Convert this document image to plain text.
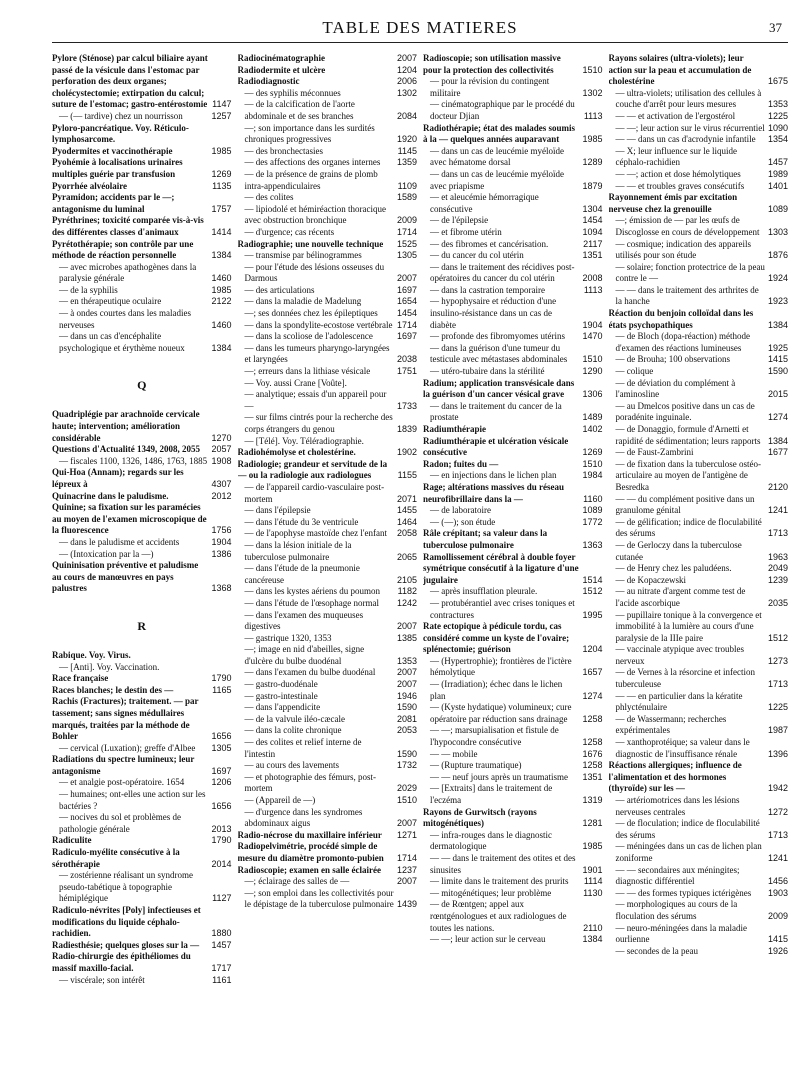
TABLE DES MATIERES	37
Pylore (Sténose) par calcul biliaire ayant passé de la vésicule dans l'estomac par perforation des deux organes; cholécystectomie; extirpation du calcul; suture de l'estomac; gastro-entérostomie 1147
— (— tardive) chez un nourrisson	1257
Pyloro-pancréatique. Voy. Réticulo-lymphosarcome.
Pyodermites et vaccinothérapie	1985
Pyohémie à localisations urinaires multiples guérie par transfusion	1269
Pyorrhée alvéolaire	1135
Pyramidon; accidents par le —; antagonisme du luminal	1757
Pyréthrines; toxicité comparée vis-à-vis des différentes classes d'animaux	1414
Pyrétothérapie; son contrôle par une méthode de réaction personnelle	1384
— avec microbes apathogènes dans la paralysie générale	1460
— de la syphilis	1985
— en thérapeutique oculaire	2122
— à ondes courtes dans les maladies nerveuses	1460
— dans un cas d'encéphalite psychologique et érythème noueux	1384
Q
Quadriplégie par arachnoïde cervicale haute; intervention; amélioration considérable	1270
Questions d'Actualité 1349, 2008, 2055	2057
— fiscales 1100, 1326, 1486, 1763, 1885 1908
Qui-Hoa (Annam); regards sur les lépreux à	4307
Quinacrine dans le paludisme.	2012
Quinine; sa fixation sur les paramécies au moyen de l'examen microscopique de la fluorescence	1756
— dans le paludisme et accidents	1904
— (Intoxication par la —)	1386
Quininisation préventive et paludisme au cours de manœuvres en pays palustres	1368
R
Rabique. Voy. Virus.
— [Anti]. Voy. Vaccination.
Race française	1790
Races blanches; le destin des —	1165
Rachis (Fractures); traitement. — par tassement; sans signes médullaires marqués, traitées par la méthode de Bohler	1656
— cervical (Luxation); greffe d'Albee	1305
Radiations du spectre lumineux; leur antagonisme	1697
— et analgie post-opératoire. 1654	1206
— humaines; ont-elles une action sur les bactéries ?	1656
— nocives du sol et problèmes de pathologie générale	2013
Radiculite	1790
Radiculo-myélite consécutive à la sérothérapie	2014
— zostérienne réalisant un syndrome pseudo-tabétique à topographie hémiplégique	1127
Radiculo-névrites [Poly] infectieuses et modifications du liquide céphalo-rachidien.	1880
Radiesthésie; quelques gloses sur la —	1457
Radio-chirurgie des épithéliomes du massif maxillo-facial.	1717
— viscérale; son intérêt	1161
Radiocinématographie	2007
Radiodermite et ulcère	1204
Radiodiagnostic	2006
— des syphilis méconnues	1302
— de la calcification de l'aorte abdominale et de ses branches	2084
—; son importance dans les surdités chroniques progressives	1920
— des bronchectasies	1145
— des affections des organes internes	1359
— de la présence de grains de plomb intra-appendiculaires	1109
— des colites	1589
— lipiodolé et hémiréaction thoracique avec obstruction bronchique	2009
— d'urgence; cas récents	1714
Radiographie; une nouvelle technique	1525
— transmise par bélinogrammes	1305
— pour l'étude des lésions osseuses du Darmous	2007
— des articulations	1697
— dans la maladie de Madelung	1654
—; ses données chez les épileptiques	1454
— dans la spondylite-ecostose vertébrale 1714
— dans la scoliose de l'adolescence	1697
— dans les tumeurs pharyngo-laryngées et laryngées	2038
—; erreurs dans la lithiase vésicale	1751
— Voy. aussi Crane [Voûte].
— analytique; essais d'un appareil pour —	1733
— sur films cintrés pour la recherche des corps étrangers du genou	1839
— [Télé]. Voy. Téléradiographie.
Radiohémolyse et cholestérine.	1902
Radiologie; grandeur et servitude de la — ou la radiologie aux radiologues	1155
— de l'appareil cardio-vasculaire post-mortem	2071
— dans l'épilepsie	1455
— dans l'étude du 3e ventricule	1464
— de l'apophyse mastoïde chez l'enfant	2058
— dans la lésion initiale de la tuberculose pulmonaire	2065
— dans l'étude de la pneumonie cancéreuse	2105
— dans les kystes aériens du poumon	1182
— dans l'étude de l'œsophage normal	1242
— dans l'examen des muqueuses digestives	2007
— gastrique 1320, 1353	1385
—; image en nid d'abeilles, signe d'ulcère du bulbe duodénal	1353
— dans l'examen du bulbe duodénal	2007
— gastro-duodénale	2007
— gastro-intestinale	1946
— dans l'appendicite	1590
— de la valvule iléo-cæcale	2081
— dans la colite chronique	2053
— des colites et relief interne de l'intestin	1590
— au cours des lavements	1732
— et photographie des fémurs, post-mortem	2029
— (Appareil de —)	1510
— d'urgence dans les syndromes abdominaux aigus	2007
Radio-nécrose du maxillaire inférieur	1271
Radiopelvimétrie, procédé simple de mesure du diamètre promonto-pubien	1714
Radioscopie; examen en salle éclairée	1237
—; éclairage des salles de —	2007
—; son emploi dans les collectivités pour le dépistage de la tuberculose pulmonaire 1439
Radioscopie; son utilisation massive pour la protection des collectivités	1510
— pour la révision du contingent militaire	1302
— cinématographique par le procédé du docteur Djian	1113
Radiothérapie; état des malades soumis à la — quelques années auparavant	1985
— dans un cas de leucémie myéloïde avec hématome dorsal	1289
— dans un cas de leucémie myéloïde avec priapisme	1879
— et aleucémie hémorragique consécutive	1304
— de l'épilepsie	1454
— et fibrome utérin	1094
— des fibromes et cancérisation.	2117
— du cancer du col utérin	1351
— dans le traitement des récidives post-opératoires du cancer du col utérin	2008
— dans la castration temporaire	1113
— hypophysaire et réduction d'une insulino-résistance dans un cas de diabète	1904
— profonde des fibromyomes utérins	1470
— dans la guérison d'une tumeur du testicule avec métastases abdominales	1510
— utéro-tubaire dans la stérilité	1290
Radium; application transvésicale dans la guérison d'un cancer vésical grave	1306
— dans le traitement du cancer de la prostate	1489
Radiumthérapie	1402
Radiumthérapie et ulcération vésicale consécutive	1269
Radon; fuites du —	1510
— en injections dans le lichen plan	1984
Rage; altérations massives du réseau neurofibrillaire dans la —	1160
— de laboratoire	1089
— (—); son étude	1772
Râle crépitant; sa valeur dans la tuberculose pulmonaire	1363
Ramollissement cérébral à double foyer symétrique consécutif à la ligature d'une jugulaire	1514
— après insufflation pleurale.	1512
— protubérantiel avec crises toniques et contractures	1995
Rate ectopique à pédicule tordu, cas considéré comme un kyste de l'ovaire; splénectomie; guérison	1204
— (Hypertrophie); frontières de l'ictère hémolytique	1657
— (Irradiation); échec dans le lichen plan	1274
— (Kyste hydatique) volumineux; cure opératoire par réduction sans drainage	1258
— —; marsupialisation et fistule de l'hypocondre consécutive	1258
— — mobile	1676
— (Rupture traumatique)	1258
— — neuf jours après un traumatisme	1351
— [Extraits] dans le traitement de l'eczéma	1319
Rayons de Gurwitsch (rayons mitogénétiques)	1281
— infra-rouges dans le diagnostic dermatologique	1985
— — dans le traitement des otites et des sinusites	1901
— limite dans le traitement des prurits	1114
— mitogénétiques; leur problème	1130
— de Rœntgen; appel aux rœntgénologues et aux radiologues de toutes les nations.	2110
— —; leur action sur le cerveau	1384
Rayons solaires (ultra-violets); leur action sur la peau et accumulation de cholestérine	1675
— ultra-violets; utilisation des cellules à couche d'arrêt pour leurs mesures	1353
— — et activation de l'ergostérol	1225
— —; leur action sur le virus récurrentiel 1090
— — dans un cas d'acrodynie infantile	1354
— X; leur influence sur le liquide céphalo-rachidien	1457
— —; action et dose hémolytiques	1989
— — et troubles graves consécutifs	1401
Rayonnement émis par excitation nerveuse chez la grenouille	1089
—; émission de — par les œufs de Discoglosse en cours de développement 1303
— cosmique; indication des appareils utilisés pour son étude	1876
— solaire; fonction protectrice de la peau contre le —	1924
— — dans le traitement des arthrites de la hanche	1923
Réaction du benjoin colloïdal dans les états psychopathiques	1384
— de Bloch (dopa-réaction) méthode d'examen des réactions lumineuses	1925
— de Brouha; 100 observations	1415
— colique	1590
— de déviation du complément à l'aminosline	2015
— au Dmelcos positive dans un cas de poradénite inguinale.	1274
— de Donaggio, formule d'Arnetti et rapidité de sédimentation; leurs rapports 1384
— de Faust-Zambrini	1677
— de fixation dans la tuberculose ostéo-articulaire au moyen de l'antigène de Besredka	2120
— — du complément positive dans un granulome génital	1241
— de gélification; indice de floculabilité des sérums	1713
— de Gerloczy dans la tuberculose cutanée	1963
— de Henry chez les paludéens.	2049
— de Kopaczewski	1239
— au nitrate d'argent comme test de l'acide ascorbique	2035
— pupillaire tonique à la convergence et immobilité à la lumière au cours d'une paralysie de la IIIe paire	1512
— vaccinale atypique avec troubles nerveux	1273
— de Vernes à la résorcine et infection tuberculeuse	1713
— — en particulier dans la kératite phlycténulaire	1225
— de Wassermann; recherches expérimentales	1987
— xanthoprotéique; sa valeur dans le diagnostic de l'insuffisance rénale	1396
Réactions allergiques; influence de l'alimentation et des hormones (thyroïde) sur les —	1942
— artériomotrices dans les lésions nerveuses centrales	1272
— de floculation; indice de floculabilité des sérums	1713
— méningées dans un cas de lichen plan zoniforme	1241
— — secondaires aux méningites; diagnostic différentiel	1456
— — des formes typiques ictérigènes	1903
— morphologiques au cours de la floculation des sérums	2009
— neuro-méningées dans la maladie ourlienne	1415
— secondes de la peau	1926
